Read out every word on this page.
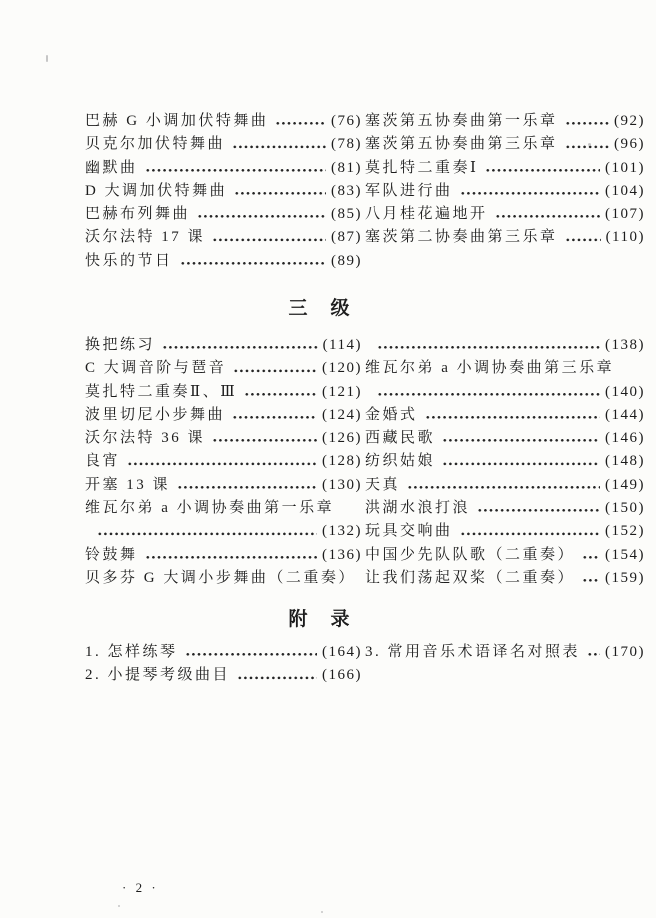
巴赫 G 小调加伏特舞曲	(76)
贝克尔加伏特舞曲	(78)
幽默曲	(81)
D 大调加伏特舞曲	(83)
巴赫布列舞曲	(85)
沃尔法特 17 课	(87)
快乐的节日	(89)
塞茨第五协奏曲第一乐章	(92)
塞茨第五协奏曲第三乐章	(96)
莫扎特二重奏Ⅰ	(101)
军队进行曲	(104)
八月桂花遍地开	(107)
塞茨第二协奏曲第三乐章	(110)
三　级
换把练习	(114)
C 大调音阶与琶音	(120)
莫扎特二重奏Ⅱ、Ⅲ	(121)
波里切尼小步舞曲	(124)
沃尔法特 36 课	(126)
良宵	(128)
开塞 13 课	(130)
维瓦尔弟 a 小调协奏曲第一乐章
(132)
铃鼓舞	(136)
贝多芬 G 大调小步舞曲（二重奏）
(138)
维瓦尔弟 a 小调协奏曲第三乐章
(140)
金婚式	(144)
西藏民歌	(146)
纺织姑娘	(148)
天真	(149)
洪湖水浪打浪	(150)
玩具交响曲	(152)
中国少先队队歌（二重奏） (154)
让我们荡起双桨（二重奏） (159)
附　录
1. 怎样练琴	(164)
2. 小提琴考级曲目	(166)
3. 常用音乐术语译名对照表 (170)
· 2 ·
